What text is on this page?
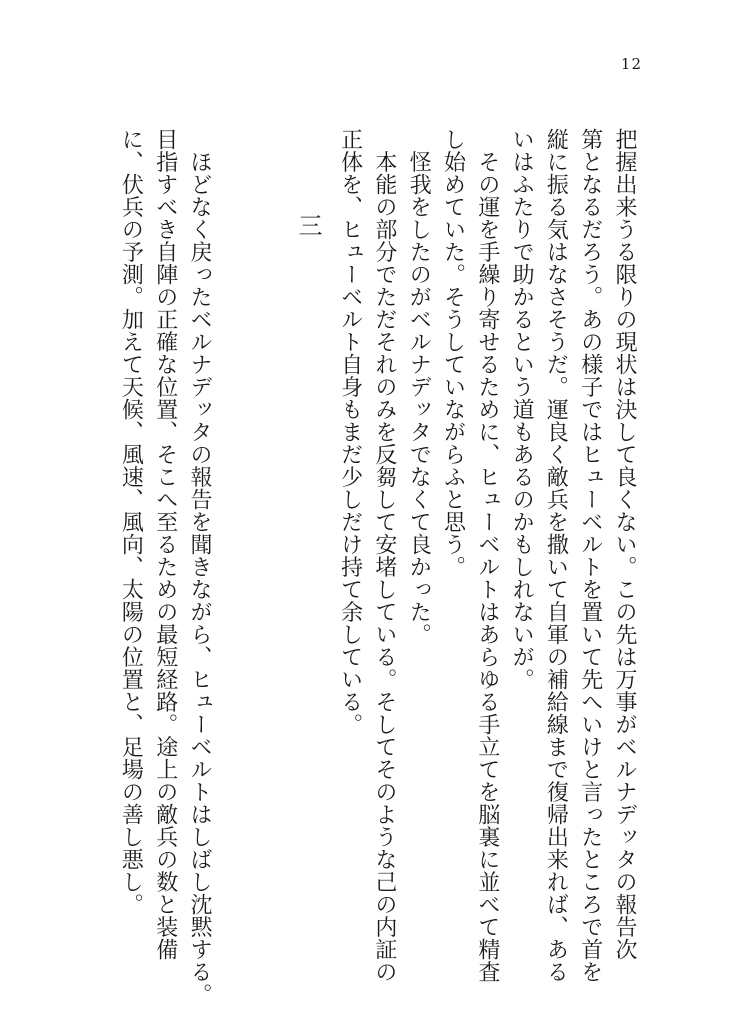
12
把握出来うる限りの現状は決して良くない。この先は万事がベルナデッタの報告次
第となるだろう。あの様子ではヒューベルトを置いて先へいけと言ったところで首を
縦に振る気はなさそうだ。運良く敵兵を撒いて自軍の補給線まで復帰出来れば、ある
いはふたりで助かるという道もあるのかもしれないが。
　その運を手繰り寄せるために、ヒューベルトはあらゆる手立てを脳裏に並べて精査
し始めていた。そうしていながらふと思う。
　怪我をしたのがベルナデッタでなくて良かった。
　本能の部分でただそれのみを反芻して安堵している。そしてそのような己の内証の
正体を、ヒューベルト自身もまだ少しだけ持て余している。
三
　ほどなく戻ったベルナデッタの報告を聞きながら、ヒューベルトはしばし沈黙する。
目指すべき自陣の正確な位置、そこへ至るための最短経路。途上の敵兵の数と装備
に、伏兵の予測。加えて天候、風速、風向、太陽の位置と、足場の善し悪し。
